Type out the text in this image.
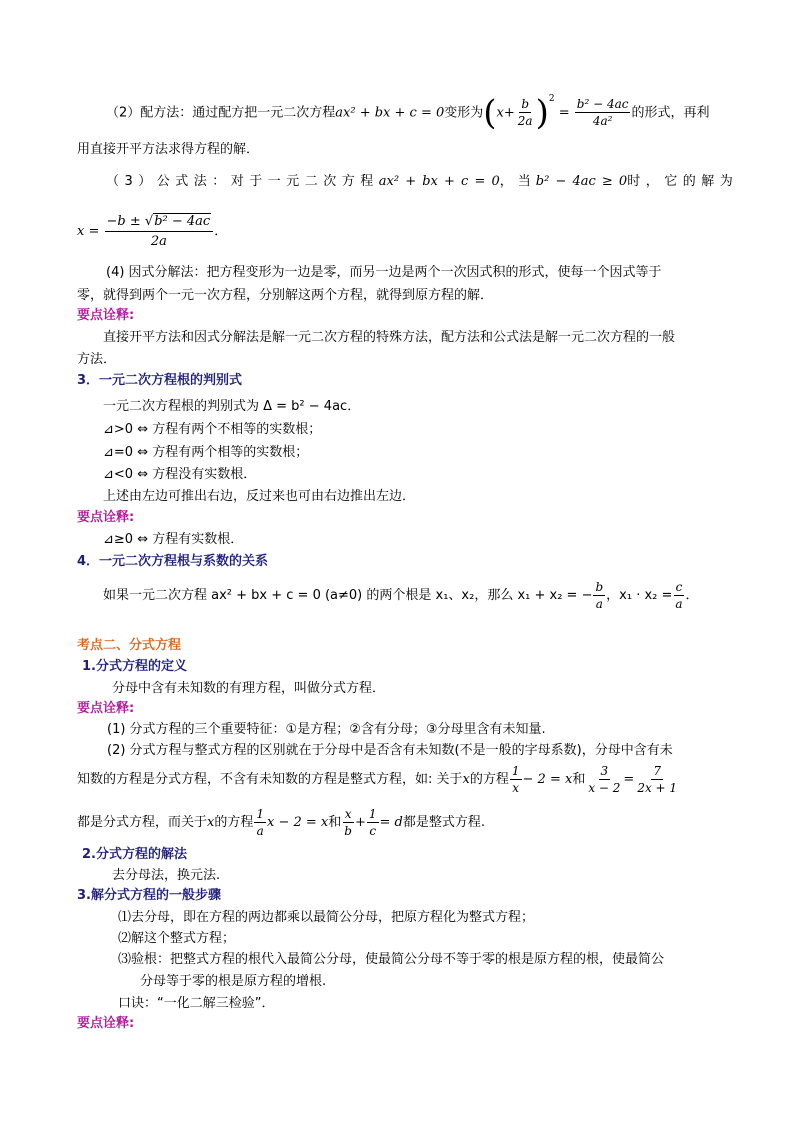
（2）配方法：通过配方把一元二次方程ax² + bx + c = 0变形为$(x+ \frac{b}{2a} )^2 = \frac{\text{b² − 4ac}}{\text{4a²}}$ 的形式，再利
用直接开平方法求得方程的解．
（3）公式法：对于一元二次方程ax² + bx + c = 0，当b² − 4ac ≥ 0时，它的解为
$x = \frac{\text{−b ± √b² − 4ac}}{2a}$ ．
(4) 因式分解法：把方程变形为一边是零，而另一边是两个一次因式积的形式，使每一个因式等于
零，就得到两个一元一次方程，分别解这两个方程，就得到原方程的解．
要点诠释:
直接开平方法和因式分解法是解一元二次方程的特殊方法，配方法和公式法是解一元二次方程的一般
方法．
3．一元二次方程根的判别式
一元二次方程根的判别式为 Δ = b² − 4ac．
⊿>0 ⇔ 方程有两个不相等的实数根；
⊿=0 ⇔ 方程有两个相等的实数根；
⊿<0 ⇔ 方程没有实数根．
上述由左边可推出右边，反过来也可由右边推出左边．
要点诠释:
⊿≥0 ⇔ 方程有实数根．
4．一元二次方程根与系数的关系
如果一元二次方程 ax² + bx + c = 0 (a≠0) 的两个根是 x₁、x₂，那么 x₁ + x₂ = − $\frac{b}{a}$ ，$x_1 \cdot x_2 = \frac{c}{a}$ ．
考点二、分式方程
1.分式方程的定义
分母中含有未知数的有理方程，叫做分式方程．
要点诠释:
(1) 分式方程的三个重要特征：①是方程；②含有分母；③分母里含有未知量.
(2) 分式方程与整式方程的区别就在于分母中是否含有未知数(不是一般的字母系数)，分母中含有未
知数的方程是分式方程，不含有未知数的方程是整式方程，如: 关于x的方程 $\frac{1}{x} - 2 = x$和 $\frac{3}{x - 2} = \frac{7}{2x + 1}$
都是分式方程，而关于x的方程 $\frac{1}{a}$ x − 2 = x和 $\frac{x}{b} + \frac{1}{c} = d$都是整式方程.
2.分式方程的解法
去分母法，换元法.
3.解分式方程的一般步骤
⑴去分母，即在方程的两边都乘以最简公分母，把原方程化为整式方程；
⑵解这个整式方程；
⑶验根：把整式方程的根代入最简公分母，使最简公分母不等于零的根是原方程的根，使最简公
分母等于零的根是原方程的增根.
口诀：“一化二解三检验”．
要点诠释:
